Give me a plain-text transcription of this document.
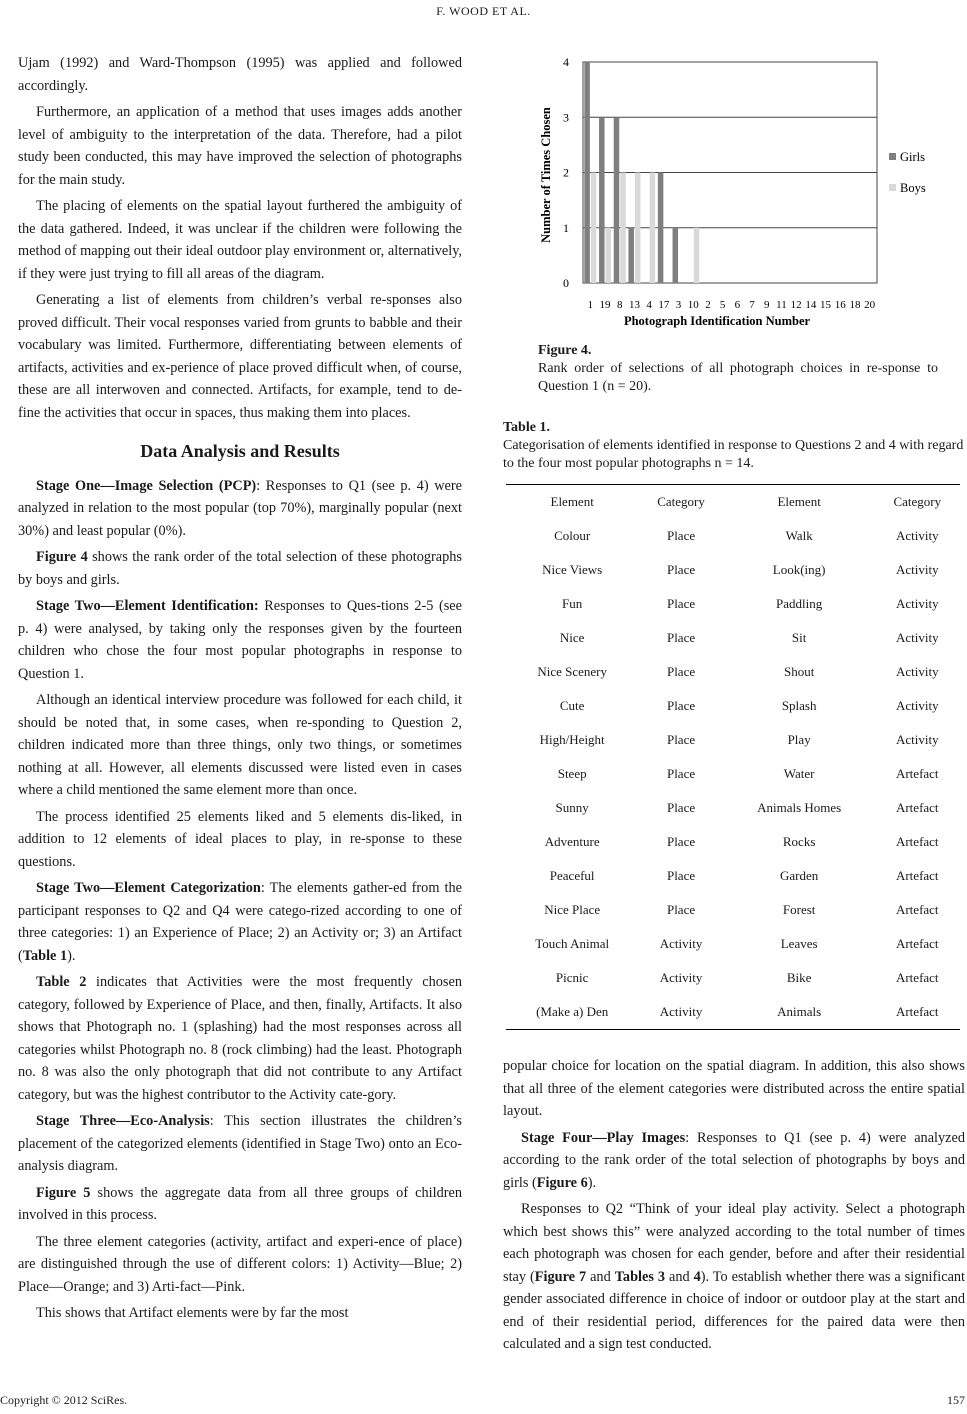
F. WOOD ET AL.

Ujam (1992) and Ward-Thompson (1995) was applied and followed accordingly.

Furthermore, an application of a method that uses images adds another level of ambiguity to the interpretation of the data. Therefore, had a pilot study been conducted, this may have improved the selection of photographs for the main study.

The placing of elements on the spatial layout furthered the ambiguity of the data gathered. Indeed, it was unclear if the children were following the method of mapping out their ideal outdoor play environment or, alternatively, if they were just trying to fill all areas of the diagram.

Generating a list of elements from children’s verbal re-sponses also proved difficult. Their vocal responses varied from grunts to babble and their vocabulary was limited. Furthermore, differentiating between elements of artifacts, activities and ex-perience of place proved difficult when, of course, these are all interwoven and connected. Artifacts, for example, tend to de-fine the activities that occur in spaces, thus making them into places.

Data Analysis and Results

Stage One—Image Selection (PCP): Responses to Q1 (see p. 4) were analyzed in relation to the most popular (top 70%), marginally popular (next 30%) and least popular (0%).

Figure 4 shows the rank order of the total selection of these photographs by boys and girls.

Stage Two—Element Identification: Responses to Ques-tions 2-5 (see p. 4) were analysed, by taking only the responses given by the fourteen children who chose the four most popular photographs in response to Question 1.

Although an identical interview procedure was followed for each child, it should be noted that, in some cases, when re-sponding to Question 2, children indicated more than three things, only two things, or sometimes nothing at all. However, all elements discussed were listed even in cases where a child mentioned the same element more than once.

The process identified 25 elements liked and 5 elements dis-liked, in addition to 12 elements of ideal places to play, in re-sponse to these questions.

Stage Two—Element Categorization: The elements gather-ed from the participant responses to Q2 and Q4 were catego-rized according to one of three categories: 1) an Experience of Place; 2) an Activity or; 3) an Artifact (Table 1).

Table 2 indicates that Activities were the most frequently chosen category, followed by Experience of Place, and then, finally, Artifacts. It also shows that Photograph no. 1 (splashing) had the most responses across all categories whilst Photograph no. 8 (rock climbing) had the least. Photograph no. 8 was also the only photograph that did not contribute to any Artifact category, but was the highest contributor to the Activity cate-gory.

Stage Three—Eco-Analysis: This section illustrates the children’s placement of the categorized elements (identified in Stage Two) onto an Eco-analysis diagram.

Figure 5 shows the aggregate data from all three groups of children involved in this process.

The three element categories (activity, artifact and experi-ence of place) are distinguished through the use of different colors: 1) Activity—Blue; 2) Place—Orange; and 3) Arti-fact—Pink.

This shows that Artifact elements were by far the most

0
1
2
3
4
1 19 8 13 4 17 3 10 2 5 6 7 9 11 12 14 15 16 18 20
Number of Times Chosen
Photograph Identification Number
Girls
Boys
Figure 4.
Rank order of selections of all photograph choices in re-sponse to Question 1 (n = 20).
Table 1.
Categorisation of elements identified in response to Questions 2 and 4 with regard to the four most popular photographs n = 14.
Element	Category	Element	Category
Colour	Place	Walk	Activity
Nice Views	Place	Look(ing)	Activity
Fun	Place	Paddling	Activity
Nice	Place	Sit	Activity
Nice Scenery	Place	Shout	Activity
Cute	Place	Splash	Activity
High/Height	Place	Play	Activity
Steep	Place	Water	Artefact
Sunny	Place	Animals Homes	Artefact
Adventure	Place	Rocks	Artefact
Peaceful	Place	Garden	Artefact
Nice Place	Place	Forest	Artefact
Touch Animal	Activity	Leaves	Artefact
Picnic	Activity	Bike	Artefact
(Make a) Den	Activity	Animals	Artefact

popular choice for location on the spatial diagram. In addition, this also shows that all three of the element categories were distributed across the entire spatial layout.

Stage Four—Play Images: Responses to Q1 (see p. 4) were analyzed according to the rank order of the total selection of photographs by boys and girls (Figure 6).

Responses to Q2 “Think of your ideal play activity. Select a photograph which best shows this” were analyzed according to the total number of times each photograph was chosen for each gender, before and after their residential stay (Figure 7 and Tables 3 and 4). To establish whether there was a significant gender associated difference in choice of indoor or outdoor play at the start and end of their residential period, differences for the paired data were then calculated and a sign test conducted.

Copyright © 2012 SciRes.	157
